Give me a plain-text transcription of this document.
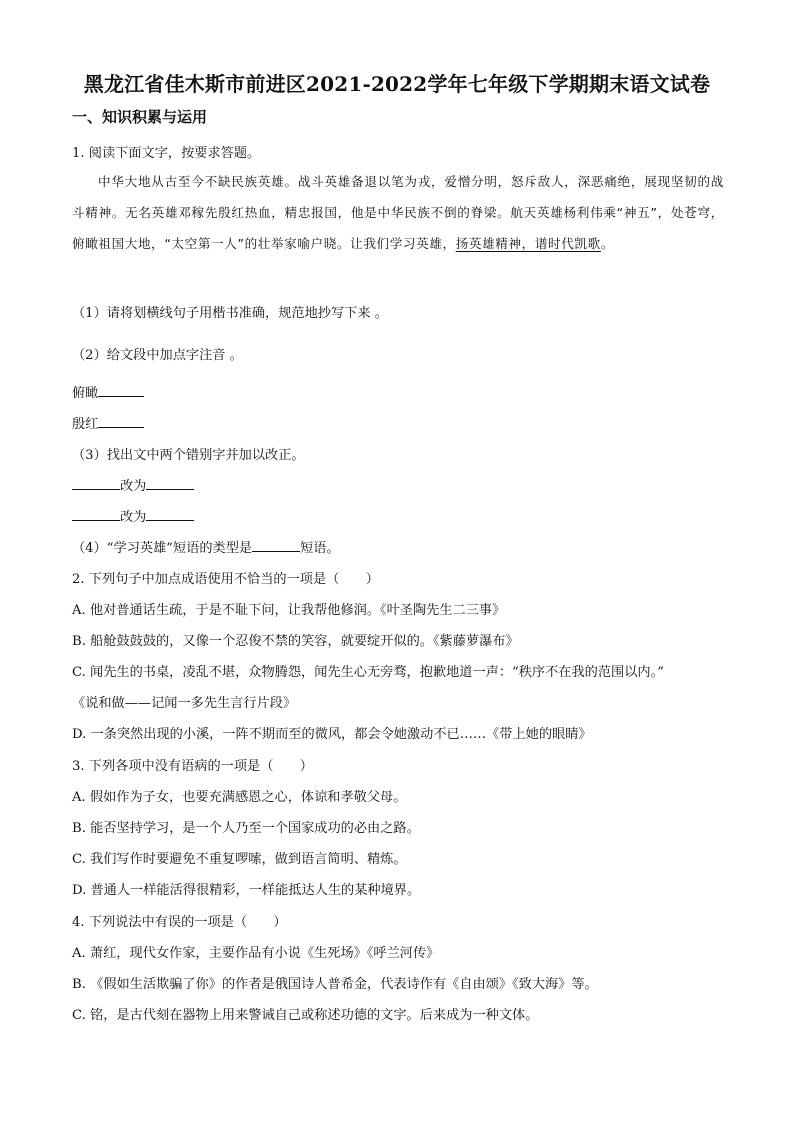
黑龙江省佳木斯市前进区2021-2022学年七年级下学期期末语文试卷
一、知识积累与运用
1. 阅读下面文字，按要求答题。
中华大地从古至今不缺民族英雄。战斗英雄备退以笔为戎，爱憎分明，怒斥敌人，深恶痛绝，展现坚韧的战斗精神。无名英雄邓稼先殷红热血，精忠报国，他是中华民族不倒的脊梁。航天英雄杨利伟乘“神五”，处苍穹，俯瞰祖国大地，“太空第一人”的壮举家喻户晓。让我们学习英雄，扬英雄精神，谱时代凯歌。
（1）请将划横线句子用楷书准确，规范地抄写下来 。
（2）给文段中加点字注音 。
俯瞰
殷红
（3）找出文中两个错别字并加以改正。
改为
改为
（4）“学习英雄”短语的类型是	短语。
2. 下列句子中加点成语使用不恰当的一项是（　　）
A. 他对普通话生疏，于是不耻下问，让我帮他修润。《叶圣陶先生二三事》
B. 船舱鼓鼓鼓的，又像一个忍俊不禁的笑容，就要绽开似的。《紫藤萝瀑布》
C. 闻先生的书桌，凌乱不堪，众物腾怨，闻先生心无旁骛，抱歉地道一声：“秩序不在我的范围以内。”
《说和做——记闻一多先生言行片段》
D. 一条突然出现的小溪，一阵不期而至的微风，都会令她激动不已……《带上她的眼睛》
3. 下列各项中没有语病的一项是（　　）
A. 假如作为子女，也要充满感恩之心，体谅和孝敬父母。
B. 能否坚持学习，是一个人乃至一个国家成功的必由之路。
C. 我们写作时要避免不重复啰嗦，做到语言简明、精炼。
D. 普通人一样能活得很精彩，一样能抵达人生的某种境界。
4. 下列说法中有误的一项是（　　）
A. 萧红，现代女作家，主要作品有小说《生死场》《呼兰河传》
B. 《假如生活欺骗了你》的作者是俄国诗人普希金，代表诗作有《自由颂》《致大海》等。
C. 铭，是古代刻在器物上用来警诫自己或称述功德的文字。后来成为一种文体。
